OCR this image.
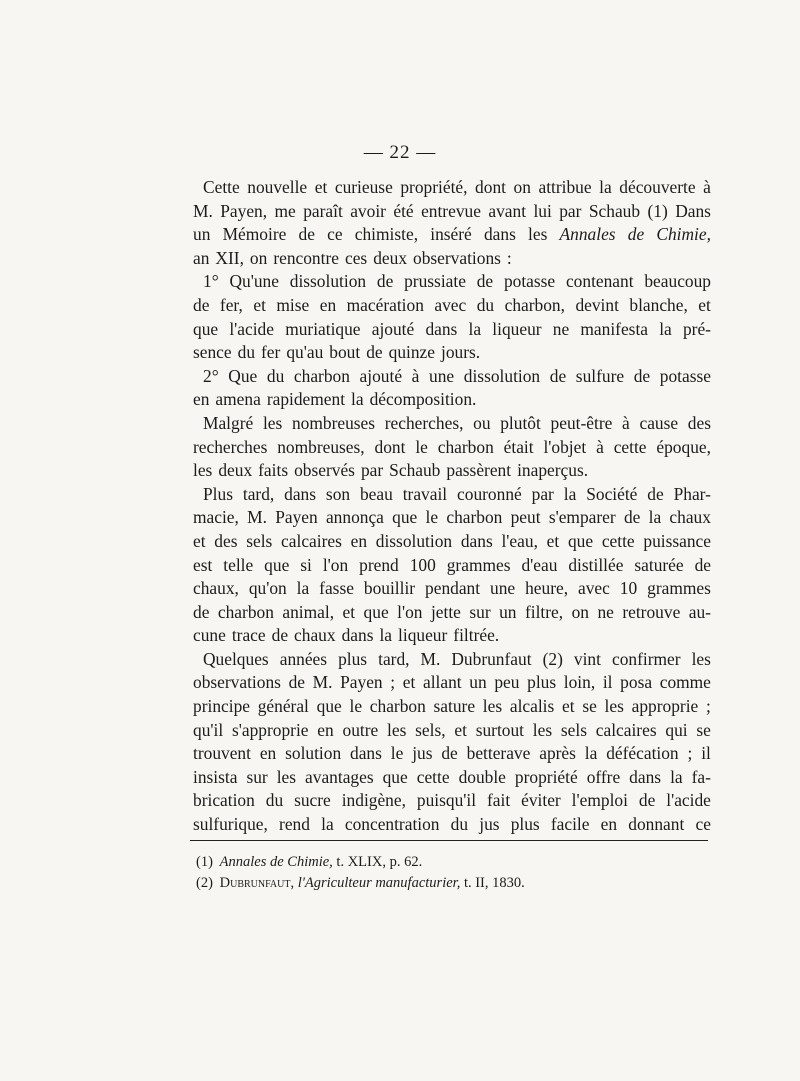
— 22 —
Cette nouvelle et curieuse propriété, dont on attribue la découverte à
M. Payen, me paraît avoir été entrevue avant lui par Schaub (1) Dans
un Mémoire de ce chimiste, inséré dans les Annales de Chimie,
an XII, on rencontre ces deux observations :
1° Qu'une dissolution de prussiate de potasse contenant beaucoup
de fer, et mise en macération avec du charbon, devint blanche, et
que l'acide muriatique ajouté dans la liqueur ne manifesta la pré-
sence du fer qu'au bout de quinze jours.
2° Que du charbon ajouté à une dissolution de sulfure de potasse
en amena rapidement la décomposition.
Malgré les nombreuses recherches, ou plutôt peut-être à cause des
recherches nombreuses, dont le charbon était l'objet à cette époque,
les deux faits observés par Schaub passèrent inaperçus.
Plus tard, dans son beau travail couronné par la Société de Phar-
macie, M. Payen annonça que le charbon peut s'emparer de la chaux
et des sels calcaires en dissolution dans l'eau, et que cette puissance
est telle que si l'on prend 100 grammes d'eau distillée saturée de
chaux, qu'on la fasse bouillir pendant une heure, avec 10 grammes
de charbon animal, et que l'on jette sur un filtre, on ne retrouve au-
cune trace de chaux dans la liqueur filtrée.
Quelques années plus tard, M. Dubrunfaut (2) vint confirmer les
observations de M. Payen ; et allant un peu plus loin, il posa comme
principe général que le charbon sature les alcalis et se les approprie ;
qu'il s'approprie en outre les sels, et surtout les sels calcaires qui se
trouvent en solution dans le jus de betterave après la défécation ; il
insista sur les avantages que cette double propriété offre dans la fa-
brication du sucre indigène, puisqu'il fait éviter l'emploi de l'acide
sulfurique, rend la concentration du jus plus facile en donnant ce
(1) Annales de Chimie, t. XLIX, p. 62.
(2) Dubrunfaut, l'Agriculteur manufacturier, t. II, 1830.
